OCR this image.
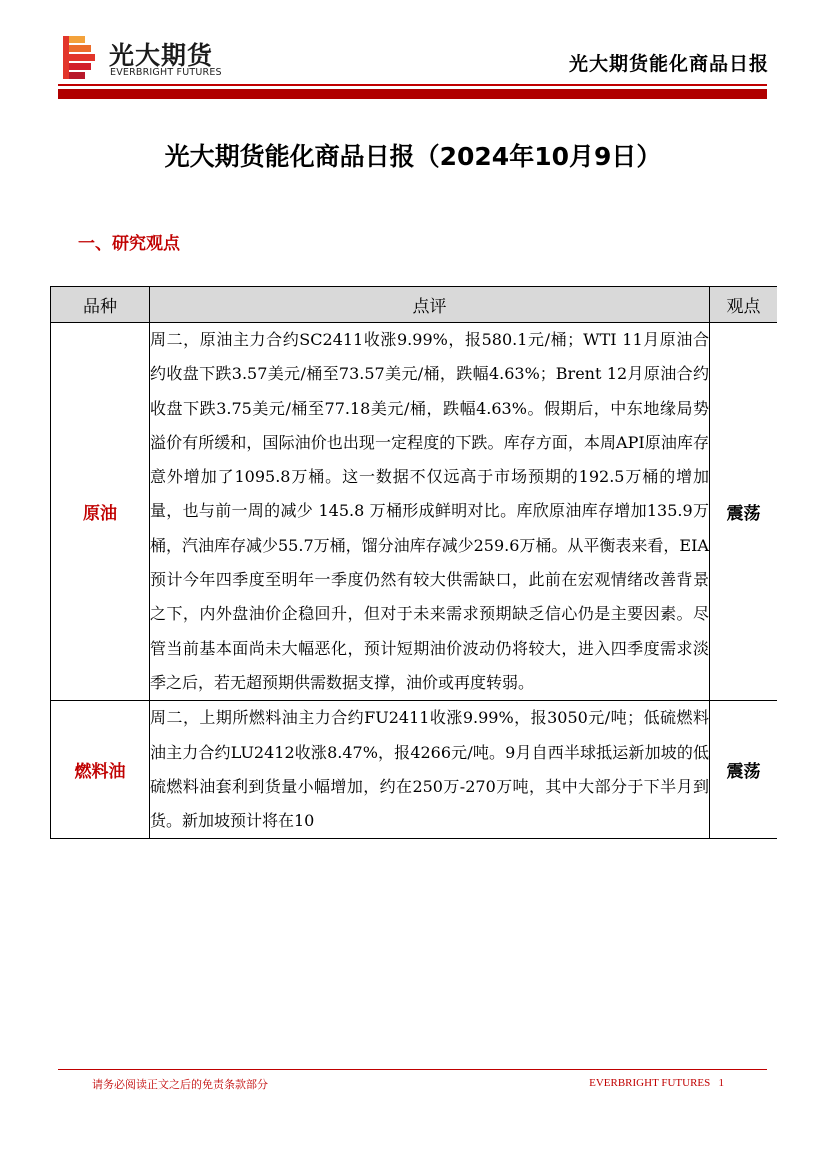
光大期货
EVERBRIGHT FUTURES	光大期货能化商品日报
光大期货能化商品日报（2024年10月9日）
一、研究观点
品种	点评	观点
原油	周二，原油主力合约SC2411收涨9.99%，报580.1元/桶；WTI 11月原油合约收盘下跌3.57美元/桶至73.57美元/桶，跌幅4.63%；Brent 12月原油合约收盘下跌3.75美元/桶至77.18美元/桶，跌幅4.63%。假期后，中东地缘局势溢价有所缓和，国际油价也出现一定程度的下跌。库存方面，本周API原油库存意外增加了1095.8万桶。这一数据不仅远高于市场预期的192.5万桶的增加量，也与前一周的减少 145.8 万桶形成鲜明对比。库欣原油库存增加135.9万桶，汽油库存减少55.7万桶，馏分油库存减少259.6万桶。从平衡表来看，EIA预计今年四季度至明年一季度仍然有较大供需缺口，此前在宏观情绪改善背景之下，内外盘油价企稳回升，但对于未来需求预期缺乏信心仍是主要因素。尽管当前基本面尚未大幅恶化，预计短期油价波动仍将较大，进入四季度需求淡季之后，若无超预期供需数据支撑，油价或再度转弱。	震荡
燃料油	周二，上期所燃料油主力合约FU2411收涨9.99%，报3050元/吨；低硫燃料油主力合约LU2412收涨8.47%，报4266元/吨。9月自西半球抵运新加坡的低硫燃料油套利到货量小幅增加，约在250万-270万吨，其中大部分于下半月到货。新加坡预计将在10	震荡
请务必阅读正文之后的免责条款部分	EVERBRIGHT FUTURES 1
